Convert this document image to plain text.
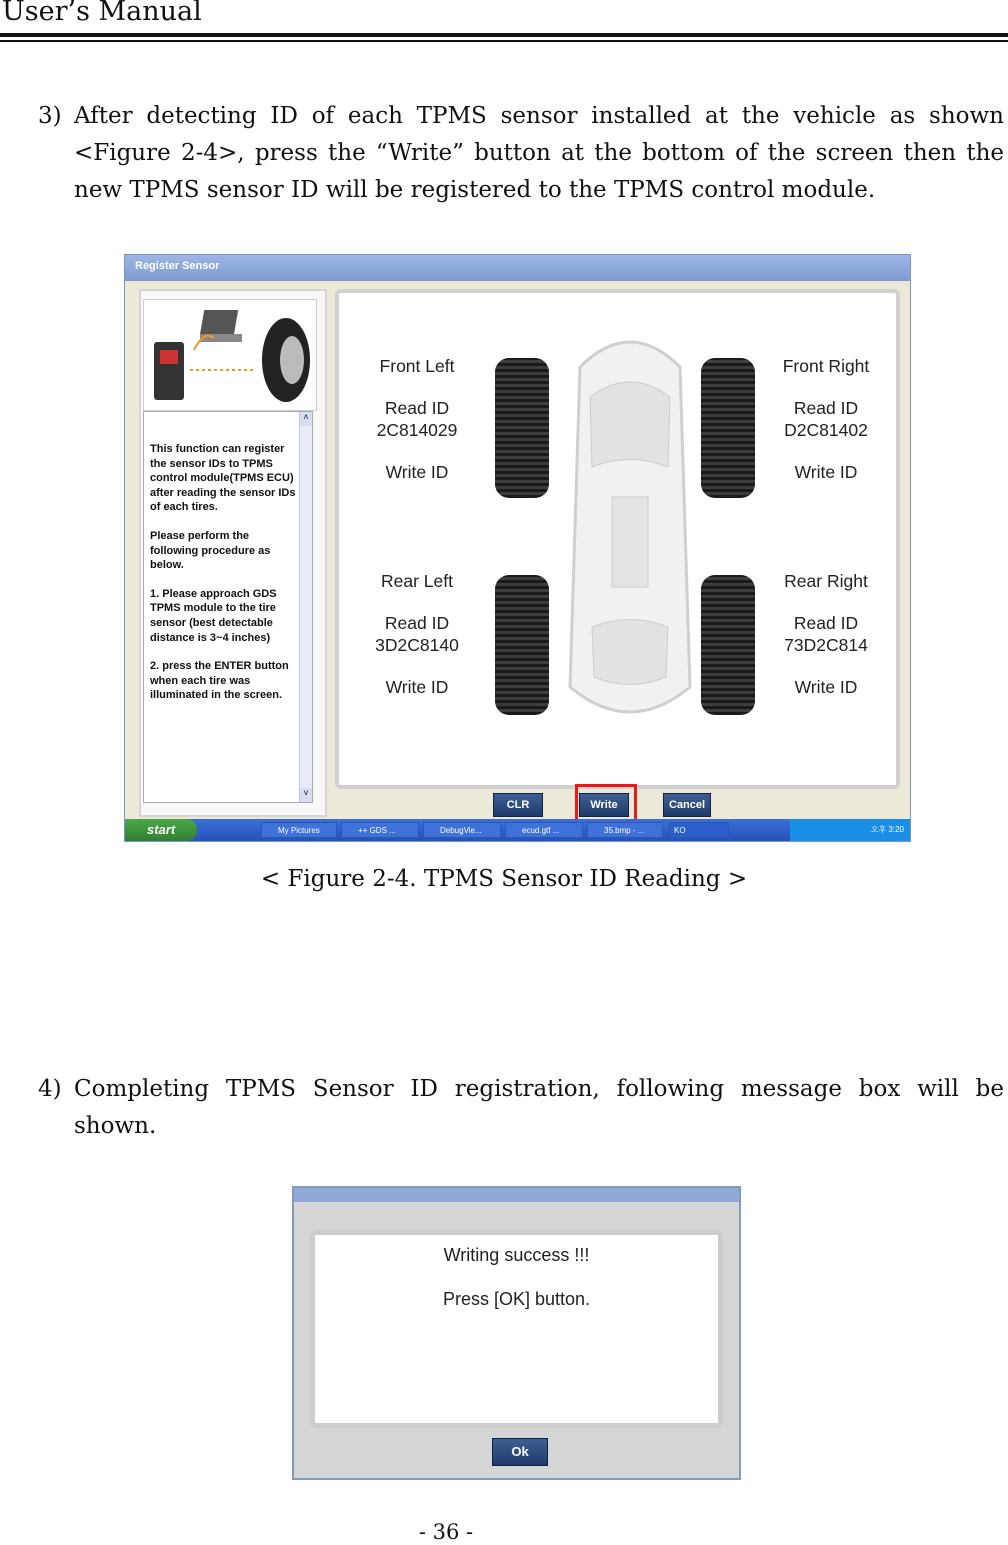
User’s Manual
3) After detecting ID of each TPMS sensor installed at the vehicle as shown <Figure 2-4>, press the “Write” button at the bottom of the screen then the new TPMS sensor ID will be registered to the TPMS control module.
Register Sensor

This function can register the sensor IDs to TPMS control module(TPMS ECU) after reading the sensor IDs of each tires.

Please perform the following procedure as below.

1. Please approach GDS TPMS module to the tire sensor (best detectable distance is 3~4 inches)

2. press the ENTER button when each tire was illuminated in the screen.

˄ ˅
Front Left
Read ID
2C814029
Write ID
Front Right
Read ID
D2C81402
Write ID
Rear Left
Read ID
3D2C8140
Write ID
Rear Right
Read ID
73D2C814
Write ID
CLR	Write	Cancel
start	My Pictures	++ GDS ...	DebugVie...	ecud.gtf ...	35.bmp - ...	KO	오후 3:20
< Figure 2-4. TPMS Sensor ID Reading >
4) Completing TPMS Sensor ID registration, following message box will be shown.
Writing success !!!
Press [OK] button.
Ok
- 36 -
